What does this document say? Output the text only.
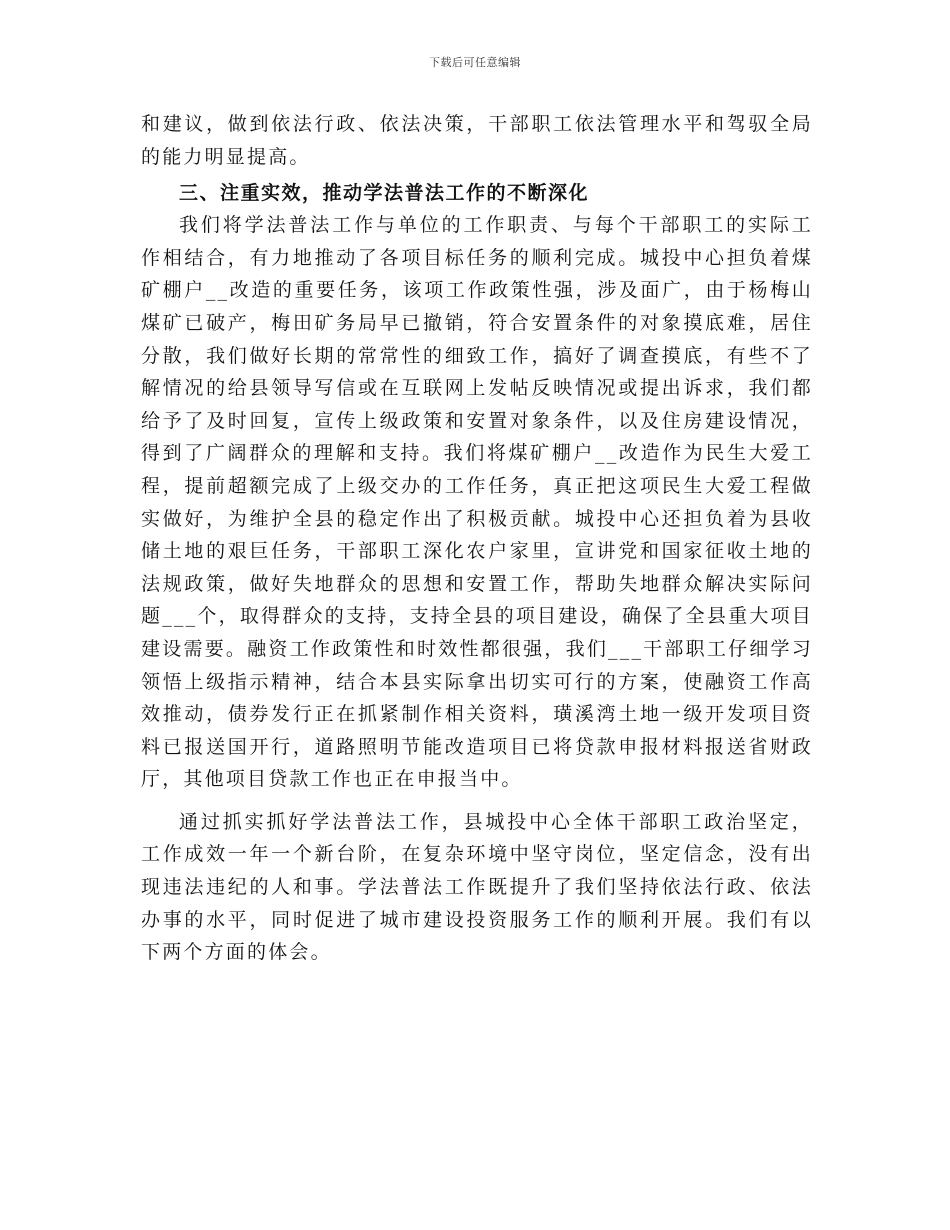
下载后可任意编辑

和建议，做到依法行政、依法决策，干部职工依法管理水平和驾驭全局的能力明显提高。

三、注重实效，推动学法普法工作的不断深化

我们将学法普法工作与单位的工作职责、与每个干部职工的实际工作相结合，有力地推动了各项目标任务的顺利完成。城投中心担负着煤矿棚户__改造的重要任务，该项工作政策性强，涉及面广，由于杨梅山煤矿已破产，梅田矿务局早已撤销，符合安置条件的对象摸底难，居住分散，我们做好长期的常常性的细致工作，搞好了调查摸底，有些不了解情况的给县领导写信或在互联网上发帖反映情况或提出诉求，我们都给予了及时回复，宣传上级政策和安置对象条件，以及住房建设情况，得到了广阔群众的理解和支持。我们将煤矿棚户__改造作为民生大爱工程，提前超额完成了上级交办的工作任务，真正把这项民生大爱工程做实做好，为维护全县的稳定作出了积极贡献。城投中心还担负着为县收储土地的艰巨任务，干部职工深化农户家里，宣讲党和国家征收土地的法规政策，做好失地群众的思想和安置工作，帮助失地群众解决实际问题___个，取得群众的支持，支持全县的项目建设，确保了全县重大项目建设需要。融资工作政策性和时效性都很强，我们___干部职工仔细学习领悟上级指示精神，结合本县实际拿出切实可行的方案，使融资工作高效推动，债券发行正在抓紧制作相关资料，璜溪湾土地一级开发项目资料已报送国开行，道路照明节能改造项目已将贷款申报材料报送省财政厅，其他项目贷款工作也正在申报当中。

通过抓实抓好学法普法工作，县城投中心全体干部职工政治坚定，工作成效一年一个新台阶，在复杂环境中坚守岗位，坚定信念，没有出现违法违纪的人和事。学法普法工作既提升了我们坚持依法行政、依法办事的水平，同时促进了城市建设投资服务工作的顺利开展。我们有以下两个方面的体会。
